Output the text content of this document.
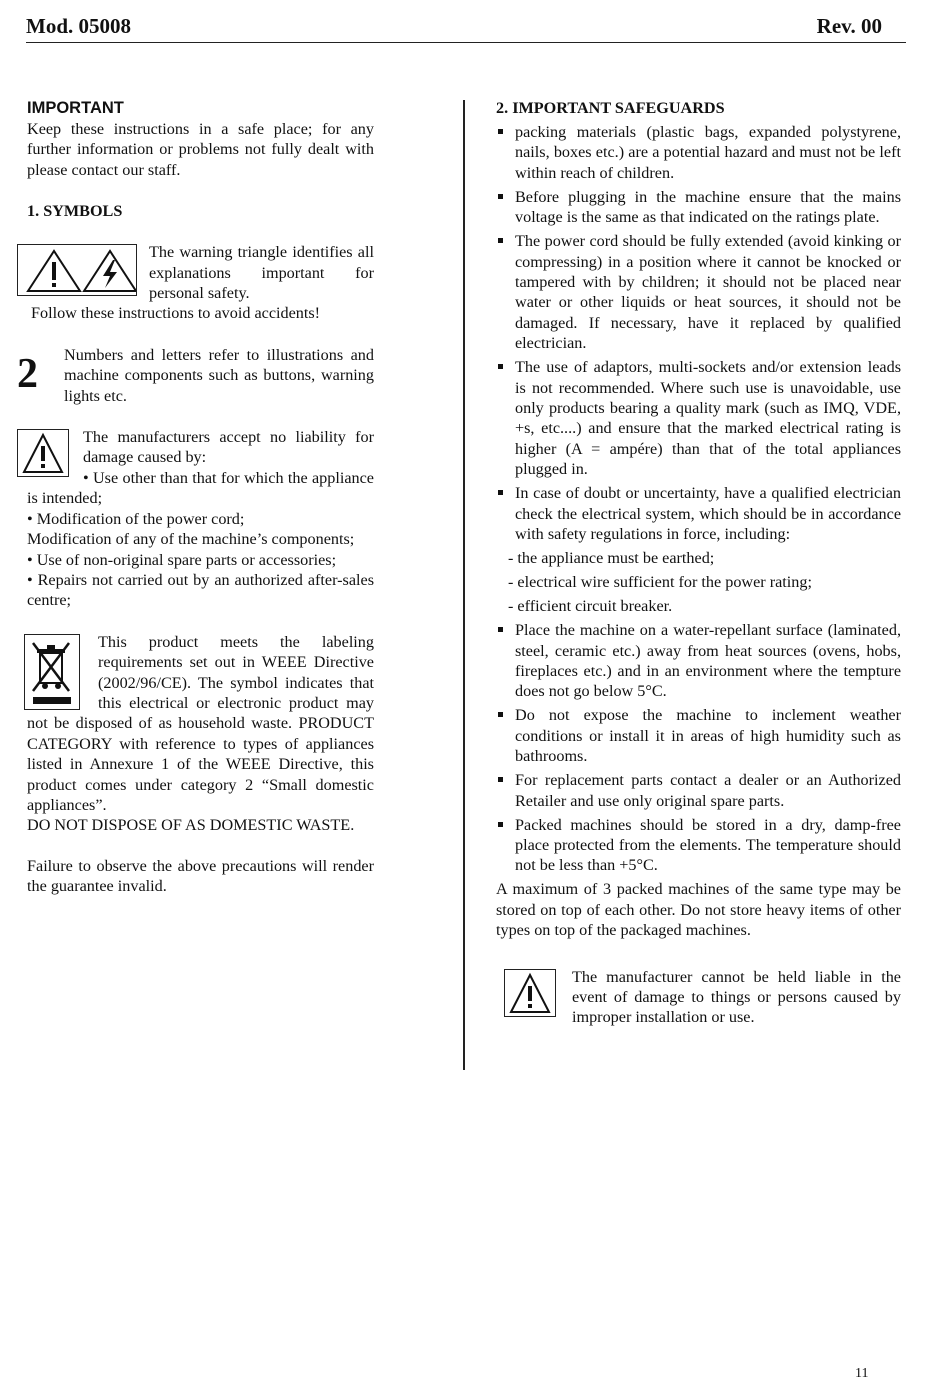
Mod. 05008	Rev. 00

IMPORTANT

Keep these instructions in a safe place; for any further information or problems not fully dealt with please contact our staff.

1. SYMBOLS

The warning triangle identifies all explanations important for personal safety.

Follow these instructions to avoid accidents!

2	Numbers and letters refer to illustrations and machine components such as buttons, warning lights etc.

The manufacturers accept no liability for damage caused by:

• Use other than that for which the appliance is intended;

• Modification of the power cord;

Modification of any of the machine’s components;

• Use of non-original spare parts or accessories;

• Repairs not carried out by an authorized after-sales centre;

This product meets the labeling requirements set out in WEEE Directive (2002/96/CE). The symbol indicates that this electrical or electronic product may not be disposed of as household waste. PRODUCT CATEGORY with reference to types of appliances listed in Annexure 1 of the WEEE Directive, this product comes under category 2 “Small domestic appliances”.

DO NOT DISPOSE OF AS DOMESTIC WASTE.

Failure to observe the above precautions will render the guarantee invalid.

2. IMPORTANT SAFEGUARDS

packing materials (plastic bags, expanded polystyrene, nails, boxes etc.) are a potential hazard and must not be left within reach of children.
Before plugging in the machine ensure that the mains voltage is the same as that indicated on the ratings plate.
The power cord should be fully extended (avoid kinking or compressing) in a position where it cannot be knocked or tampered with by children; it should not be placed near water or other liquids or heat sources, it should not be damaged. If necessary, have it replaced by qualified electrician.
The use of adaptors, multi-sockets and/or extension leads is not recommended. Where such use is unavoidable, use only products bearing a quality mark (such as IMQ, VDE, +s, etc....) and ensure that the marked electrical rating is higher (A = ampére) than that of the total appliances plugged in.
In case of doubt or uncertainty, have a qualified electrician check the electrical system, which should be in accordance with safety regulations in force, including:
- the appliance must be earthed;
- electrical wire sufficient for the power rating;
- efficient circuit breaker.
Place the machine on a water-repellant surface (laminated, steel, ceramic etc.) away from heat sources (ovens, hobs, fireplaces etc.) and in an environment where the tempture does not go below 5°C.
Do not expose the machine to inclement weather conditions or install it in areas of high humidity such as bathrooms.
For replacement parts contact a dealer or an Authorized Retailer and use only original spare parts.
Packed machines should be stored in a dry, damp-free place protected from the elements. The temperature should not be less than +5°C.

A maximum of 3 packed machines of the same type may be stored on top of each other. Do not store heavy items of other types on top of the packaged machines.

The manufacturer cannot be held liable in the event of damage to things or persons caused by improper installation or use.

11
